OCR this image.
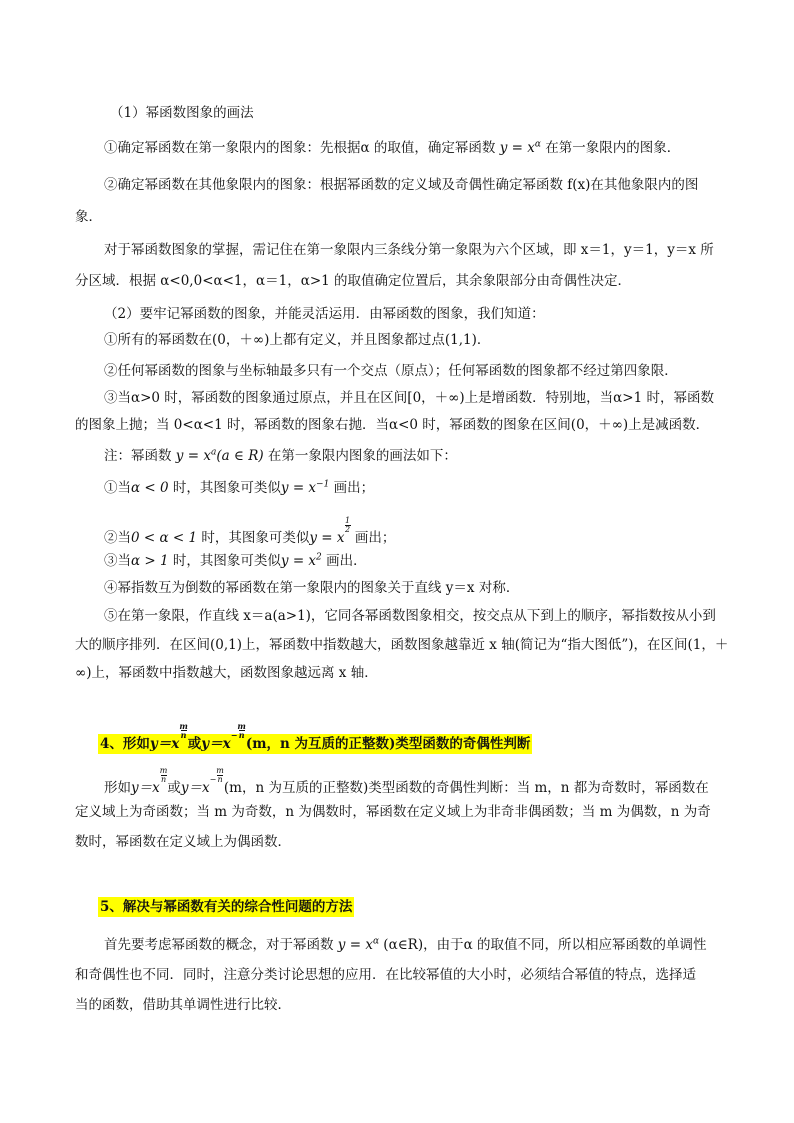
（1）幂函数图象的画法
①确定幂函数在第一象限内的图象：先根据α 的取值，确定幂函数 $y = x^\alpha$ 在第一象限内的图象．
②确定幂函数在其他象限内的图象：根据幂函数的定义域及奇偶性确定幂函数 f(x)在其他象限内的图
象．
对于幂函数图象的掌握，需记住在第一象限内三条线分第一象限为六个区域，即 x＝1，y＝1，y＝x 所
分区域．根据 α<0,0<α<1，α＝1，α>1 的取值确定位置后，其余象限部分由奇偶性决定．
（2）要牢记幂函数的图象，并能灵活运用．由幂函数的图象，我们知道：
①所有的幂函数在(0，＋∞)上都有定义，并且图象都过点(1,1)．
②任何幂函数的图象与坐标轴最多只有一个交点（原点）；任何幂函数的图象都不经过第四象限．
③当α>0 时，幂函数的图象通过原点，并且在区间[0，＋∞)上是增函数．特别地，当α>1 时，幂函数
的图象上抛；当 0<α<1 时，幂函数的图象右抛．当α<0 时，幂函数的图象在区间(0，＋∞)上是减函数．
注：幂函数 $y = x^a(a$ ∈ R) 在第一象限内图象的画法如下：
①当α < 0 时，其图象可类似$y = x^{-1}$ 画出；
②当0 < α < 1 时，其图象可类似y = x
$\frac{1}{2}$
画出；
③当α > 1 时，其图象可类似$y = x^2$ 画出．
④幂指数互为倒数的幂函数在第一象限内的图象关于直线 y＝x 对称．
⑤在第一象限，作直线 x＝a(a>1)，它同各幂函数图象相交，按交点从下到上的顺序，幂指数按从小到
大的顺序排列．在区间(0,1)上，幂函数中指数越大，函数图象越靠近 x 轴(简记为“指大图低”)，在区间(1，＋
∞)上，幂函数中指数越大，函数图象越远离 x 轴．
4、形如y＝x
$\frac{m}{n}$
或y＝x
− $\frac{m}{n}$
(m，n 为互质的正整数)类型函数的奇偶性判断
形如y＝x
$\frac{m}{n}$
或y＝x
− $\frac{m}{n}$
(m，n 为互质的正整数)类型函数的奇偶性判断：当 m，n 都为奇数时，幂函数在
定义域上为奇函数；当 m 为奇数，n 为偶数时，幂函数在定义域上为非奇非偶函数；当 m 为偶数，n 为奇
数时，幂函数在定义域上为偶函数．
5、解决与幂函数有关的综合性问题的方法
首先要考虑幂函数的概念，对于幂函数 $y = x^\alpha$ (α∈R)，由于α 的取值不同，所以相应幂函数的单调性
和奇偶性也不同．同时，注意分类讨论思想的应用．在比较幂值的大小时，必须结合幂值的特点，选择适
当的函数，借助其单调性进行比较．
